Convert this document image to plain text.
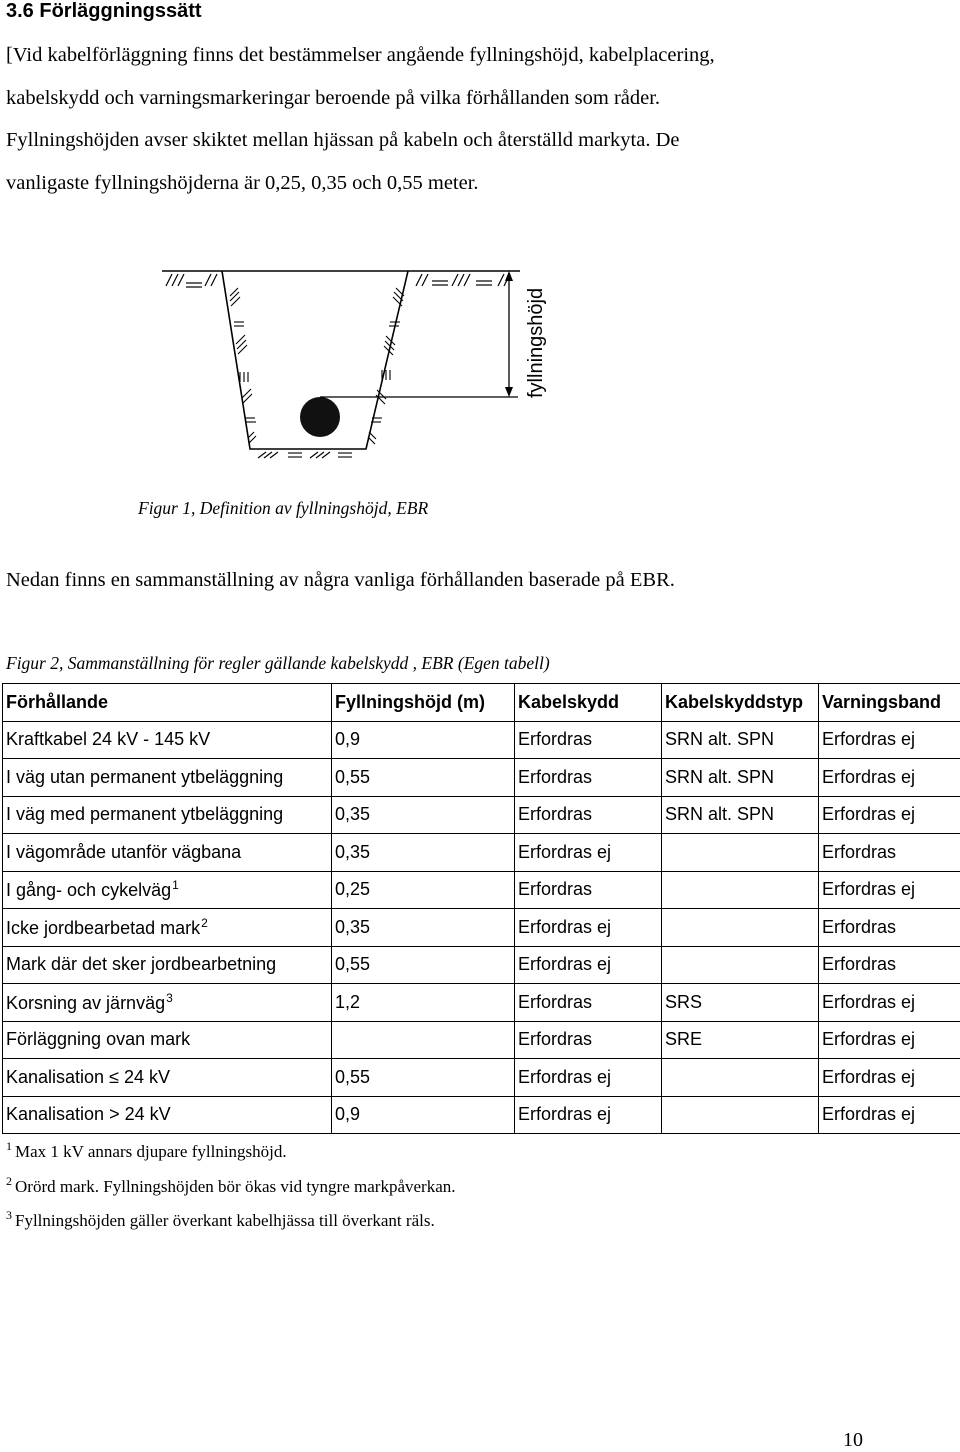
3.6 Förläggningssätt
[Vid kabelförläggning finns det bestämmelser angående fyllningshöjd, kabelplacering,
kabelskydd och varningsmarkeringar beroende på vilka förhållanden som råder.
Fyllningshöjden avser skiktet mellan hjässan på kabeln och återställd markyta. De
vanligaste fyllningshöjderna är 0,25, 0,35 och 0,55 meter.
fyllningshöjd
Figur 1, Definition av fyllningshöjd, EBR
Nedan finns en sammanställning av några vanliga förhållanden baserade på EBR.
Figur 2, Sammanställning för regler gällande kabelskydd , EBR (Egen tabell)
Förhållande	Fyllningshöjd (m)	Kabelskydd	Kabelskyddstyp	Varningsband
Kraftkabel 24 kV - 145 kV	0,9	Erfordras	SRN alt. SPN	Erfordras ej
I väg utan permanent ytbeläggning	0,55	Erfordras	SRN alt. SPN	Erfordras ej
I väg med permanent ytbeläggning	0,35	Erfordras	SRN alt. SPN	Erfordras ej
I vägområde utanför vägbana	0,35	Erfordras ej		Erfordras
I gång- och cykelväg$^1$	0,25	Erfordras		Erfordras ej
Icke jordbearbetad mark$^2$	0,35	Erfordras ej		Erfordras
Mark där det sker jordbearbetning	0,55	Erfordras ej		Erfordras
Korsning av järnväg$^3$	1,2	Erfordras	SRS	Erfordras ej
Förläggning ovan mark		Erfordras	SRE	Erfordras ej
Kanalisation ≤ 24 kV	0,55	Erfordras ej		Erfordras ej
Kanalisation > 24 kV	0,9	Erfordras ej		Erfordras ej
$^1$ Max 1 kV annars djupare fyllningshöjd.
$^2$ Orörd mark. Fyllningshöjden bör ökas vid tyngre markpåverkan.
$^3$ Fyllningshöjden gäller överkant kabelhjässa till överkant räls.
10
